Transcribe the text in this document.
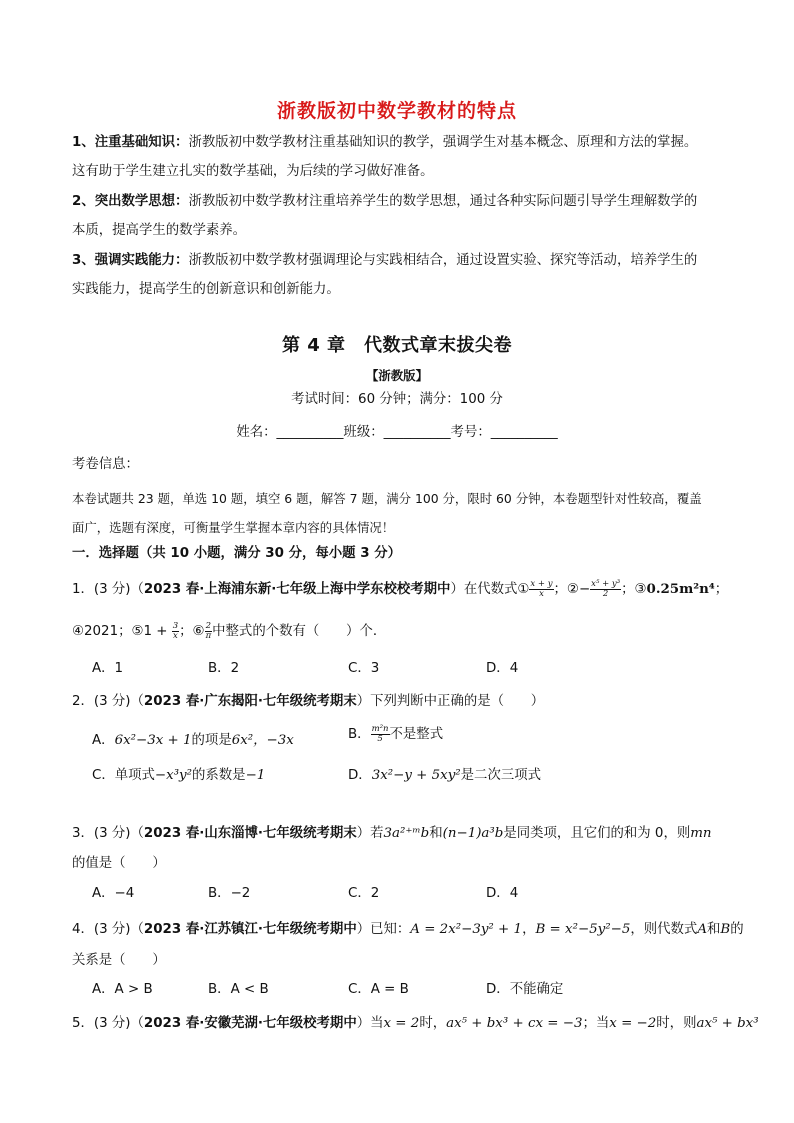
浙教版初中数学教材的特点
1、注重基础知识：浙教版初中数学教材注重基础知识的教学，强调学生对基本概念、原理和方法的掌握。
这有助于学生建立扎实的数学基础，为后续的学习做好准备。
2、突出数学思想：浙教版初中数学教材注重培养学生的数学思想，通过各种实际问题引导学生理解数学的
本质，提高学生的数学素养。
3、强调实践能力：浙教版初中数学教材强调理论与实践相结合，通过设置实验、探究等活动，培养学生的
实践能力，提高学生的创新意识和创新能力。
第 4 章　代数式章末拔尖卷
【浙教版】
考试时间：60 分钟；满分：100 分
姓名：__________班级：__________考号：__________
考卷信息：
本卷试题共 23 题，单选 10 题，填空 6 题，解答 7 题，满分 100 分，限时 60 分钟，本卷题型针对性较高，覆盖
面广，选题有深度，可衡量学生掌握本章内容的具体情况！
一．选择题（共 10 小题，满分 30 分，每小题 3 分）
1．(3 分)（2023 春·上海浦东新·七年级上海中学东校校考期中）在代数式① $\frac{x + y}{x}$ ；②− $\frac{\text{x⁵ + y³}}{2}$ ；③0.25m²n⁴；
④2021；⑤1 + $\frac{3}{x}$ ；⑥ $\frac{2}{\pi}$ 中整式的个数有（　　）个．
A．1	B．2	C．3	D．4
2．(3 分)（2023 春·广东揭阳·七年级统考期末）下列判断中正确的是（　　）
A．6x²−3x + 1的项是6x²，−3x	B． $\frac{\text{m²n}}{5}$ 不是整式
C．单项式−x³y²的系数是−1	D．3x²−y + 5xy²是二次三项式
3．(3 分)（2023 春·山东淄博·七年级统考期末）若3a²⁺ᵐb和(n−1)a³b是同类项，且它们的和为 0，则mn
的值是（　　）
A．−4	B．−2	C．2	D．4
4．(3 分)（2023 春·江苏镇江·七年级统考期中）已知：A = 2x²−3y² + 1，B = x²−5y²−5，则代数式A和B的
关系是（　　）
A．A > B	B．A < B	C．A = B	D．不能确定
5．(3 分)（2023 春·安徽芜湖·七年级校考期中）当x = 2时，ax⁵ + bx³ + cx = −3；当x = −2时，则ax⁵ + bx³
